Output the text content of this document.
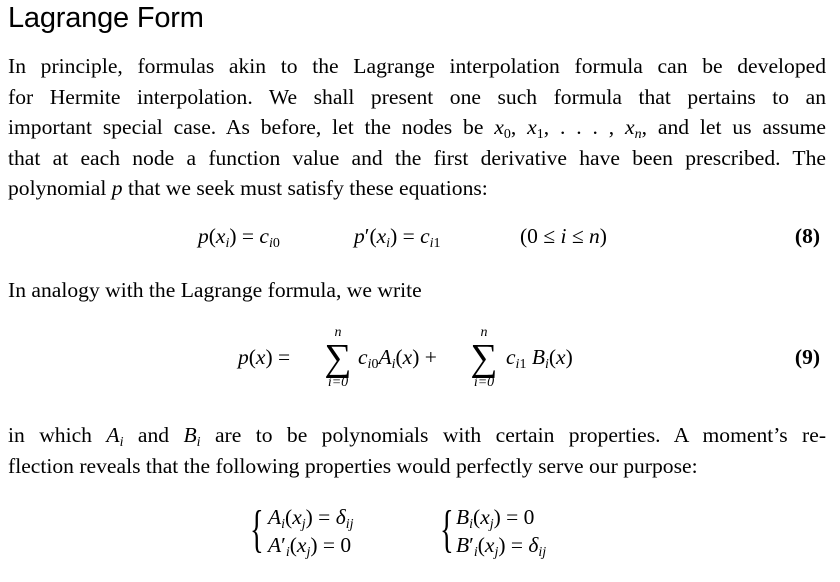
Lagrange Form
In principle, formulas akin to the Lagrange interpolation formula can be developed
for Hermite interpolation. We shall present one such formula that pertains to an
important special case. As before, let the nodes be $x_0$, $x_1$, . . . , $x_n$, and let us assume
that at each node a function value and the first derivative have been prescribed. The
polynomial p that we seek must satisfy these equations:
$p(x_i) = c_{i0}$	$p'(x_i) = c_{i1}$	(0 ≤ i ≤ n)	(8)
In analogy with the Lagrange formula, we write
p(x) =
n
∑
i=0
$c_{i0}A_i(x)$ +
n
∑
i=0
$c_{i1}$ $B_i(x)$	(9)
in which $A_i$ and $B_i$ are to be polynomials with certain properties. A moment’s re-
flection reveals that the following properties would perfectly serve our purpose:
{ $A_i(x_j) = \delta_{ij}$
$A'_i(x_j) = 0$ { $B_i(x_j) = 0$
$B'_i(x_j) = \delta_{ij}$
